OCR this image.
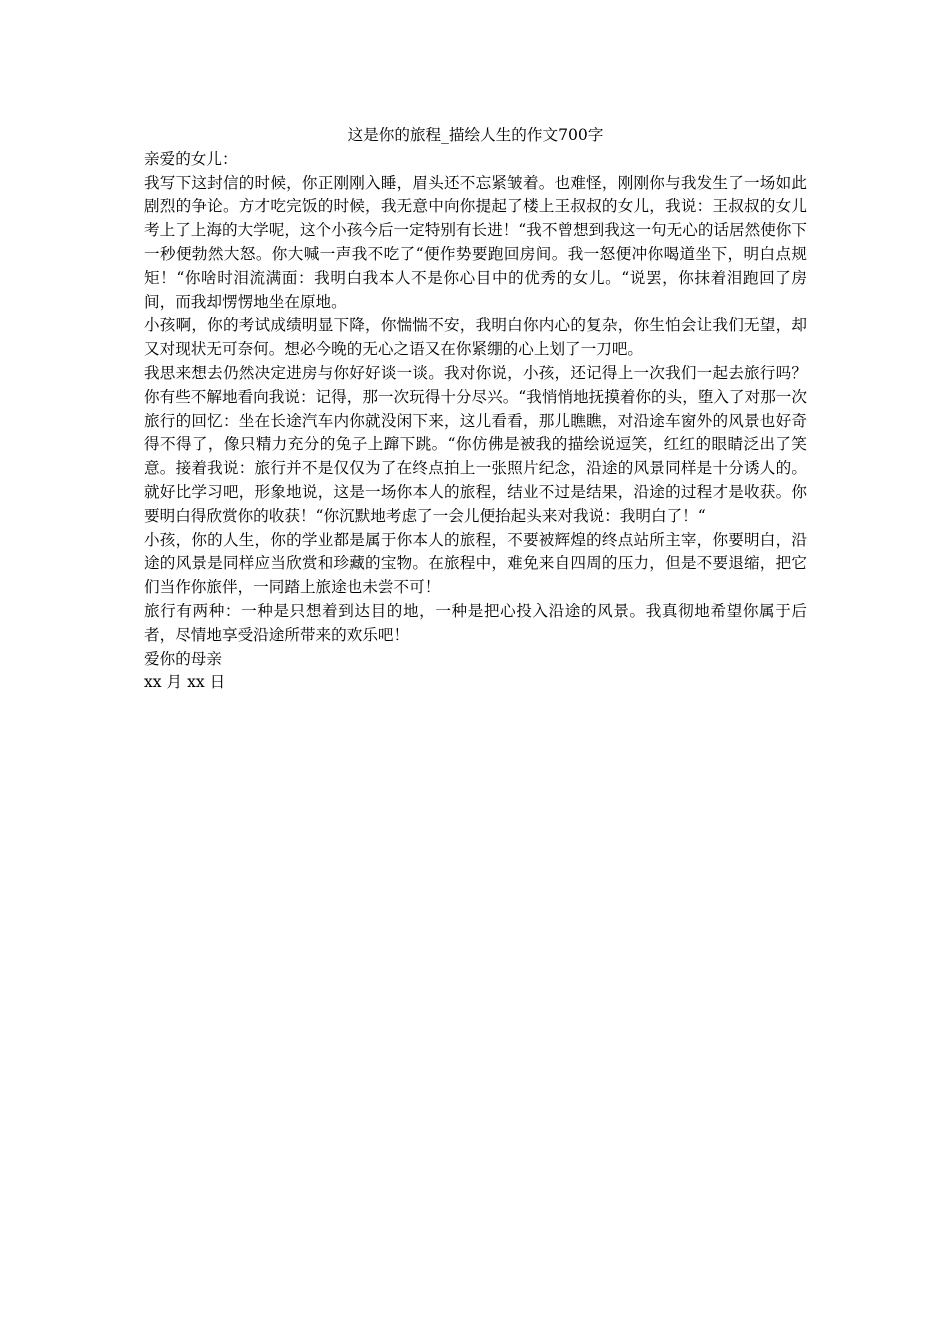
这是你的旅程_描绘人生的作文700字

亲爱的女儿：

我写下这封信的时候，你正刚刚入睡，眉头还不忘紧皱着。也难怪，刚刚你与我发生了一场如此剧烈的争论。方才吃完饭的时候，我无意中向你提起了楼上王叔叔的女儿，我说：王叔叔的女儿考上了上海的大学呢，这个小孩今后一定特别有长进！“我不曾想到我这一句无心的话居然使你下一秒便勃然大怒。你大喊一声我不吃了“便作势要跑回房间。我一怒便冲你喝道坐下，明白点规矩！“你啥时泪流满面：我明白我本人不是你心目中的优秀的女儿。“说罢，你抹着泪跑回了房间，而我却愣愣地坐在原地。

小孩啊，你的考试成绩明显下降，你惴惴不安，我明白你内心的复杂，你生怕会让我们无望，却又对现状无可奈何。想必今晚的无心之语又在你紧绷的心上划了一刀吧。

我思来想去仍然决定进房与你好好谈一谈。我对你说，小孩，还记得上一次我们一起去旅行吗？你有些不解地看向我说：记得，那一次玩得十分尽兴。“我悄悄地抚摸着你的头，堕入了对那一次旅行的回忆：坐在长途汽车内你就没闲下来，这儿看看，那儿瞧瞧，对沿途车窗外的风景也好奇得不得了，像只精力充分的兔子上蹿下跳。“你仿佛是被我的描绘说逗笑，红红的眼睛泛出了笑意。接着我说：旅行并不是仅仅为了在终点拍上一张照片纪念，沿途的风景同样是十分诱人的。就好比学习吧，形象地说，这是一场你本人的旅程，结业不过是结果，沿途的过程才是收获。你要明白得欣赏你的收获！“你沉默地考虑了一会儿便抬起头来对我说：我明白了！“

小孩，你的人生，你的学业都是属于你本人的旅程，不要被辉煌的终点站所主宰，你要明白，沿途的风景是同样应当欣赏和珍藏的宝物。在旅程中，难免来自四周的压力，但是不要退缩，把它们当作你旅伴，一同踏上旅途也未尝不可！

旅行有两种：一种是只想着到达目的地，一种是把心投入沿途的风景。我真彻地希望你属于后者，尽情地享受沿途所带来的欢乐吧！

爱你的母亲

xx 月 xx 日
